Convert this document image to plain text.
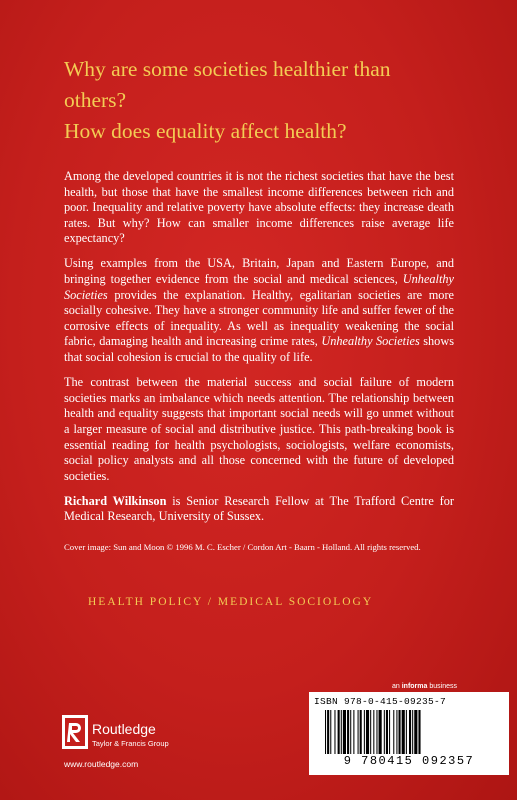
Why are some societies healthier than
others?
How does equality affect health?

Among the developed countries it is not the richest societies that have the best health, but those that have the smallest income differences between rich and poor. Inequality and relative poverty have absolute effects: they increase death rates. But why? How can smaller income differences raise average life expectancy?

Using examples from the USA, Britain, Japan and Eastern Europe, and bringing together evidence from the social and medical sciences, Unhealthy Societies provides the explanation. Healthy, egalitarian societies are more socially cohesive. They have a stronger community life and suffer fewer of the corrosive effects of inequality. As well as inequality weakening the social fabric, damaging health and increasing crime rates, Unhealthy Societies shows that social cohesion is crucial to the quality of life.

The contrast between the material success and social failure of modern societies marks an imbalance which needs attention. The relationship between health and equality suggests that important social needs will go unmet without a larger measure of social and distributive justice. This path-breaking book is essential reading for health psychologists, sociologists, welfare economists, social policy analysts and all those concerned with the future of developed societies.

Richard Wilkinson is Senior Research Fellow at The Trafford Centre for Medical Research, University of Sussex.

Cover image: Sun and Moon © 1996 M. C. Escher / Cordon Art - Baarn - Holland. All rights reserved.
HEALTH POLICY / MEDICAL SOCIOLOGY
an informa business
ISBN 978-0-415-09235-7
9 780415 092357
Routledge
Taylor & Francis Group
www.routledge.com
